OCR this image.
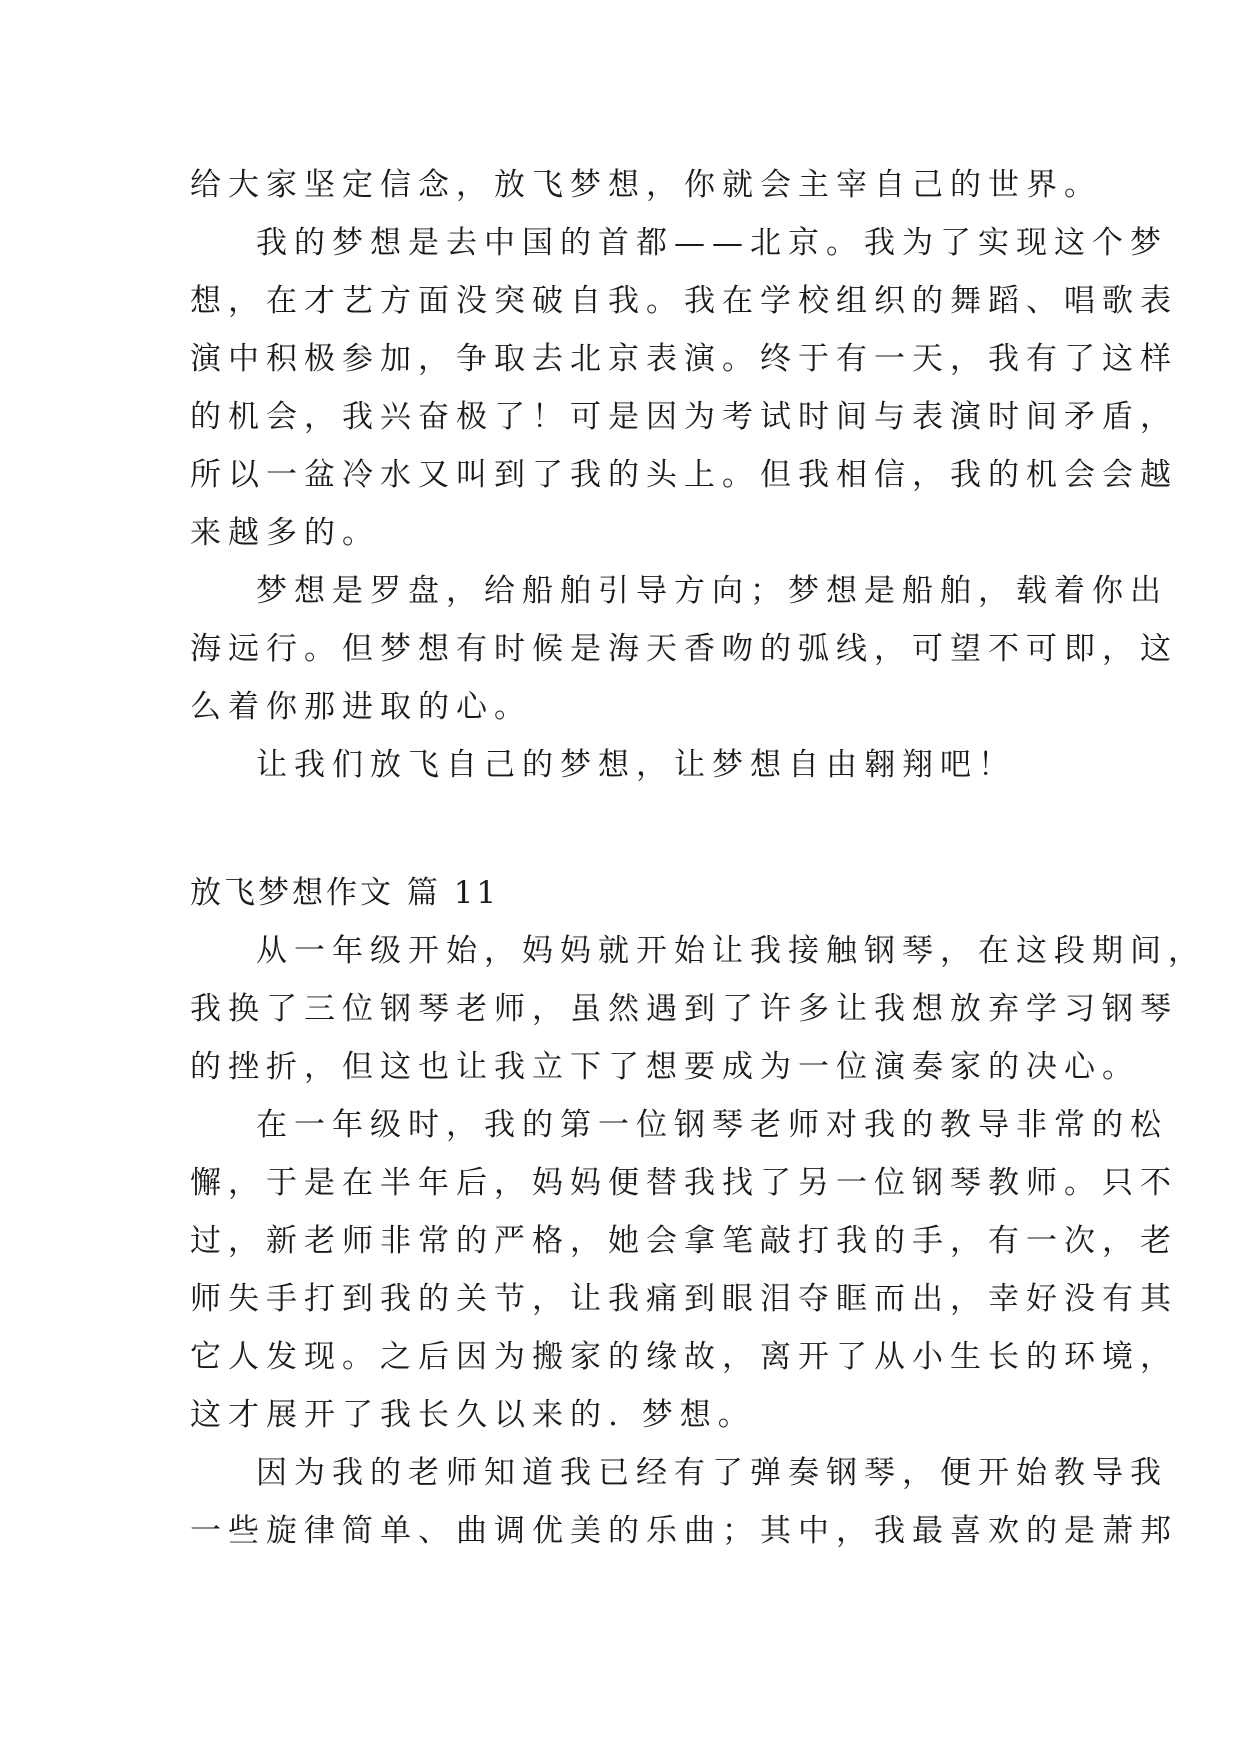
给大家坚定信念，放飞梦想，你就会主宰自己的世界。
我的梦想是去中国的首都——北京。我为了实现这个梦
想，在才艺方面没突破自我。我在学校组织的舞蹈、唱歌表
演中积极参加，争取去北京表演。终于有一天，我有了这样
的机会，我兴奋极了！可是因为考试时间与表演时间矛盾，
所以一盆冷水又叫到了我的头上。但我相信，我的机会会越
来越多的。
梦想是罗盘，给船舶引导方向；梦想是船舶，载着你出
海远行。但梦想有时候是海天香吻的弧线，可望不可即，这
么着你那进取的心。
让我们放飞自己的梦想，让梦想自由翱翔吧！
放飞梦想作文 篇 11
从一年级开始，妈妈就开始让我接触钢琴，在这段期间，
我换了三位钢琴老师，虽然遇到了许多让我想放弃学习钢琴
的挫折，但这也让我立下了想要成为一位演奏家的决心。
在一年级时，我的第一位钢琴老师对我的教导非常的松
懈，于是在半年后，妈妈便替我找了另一位钢琴教师。只不
过，新老师非常的严格，她会拿笔敲打我的手，有一次，老
师失手打到我的关节，让我痛到眼泪夺眶而出，幸好没有其
它人发现。之后因为搬家的缘故，离开了从小生长的环境，
这才展开了我长久以来的. 梦想。
因为我的老师知道我已经有了弹奏钢琴，便开始教导我
一些旋律简单、曲调优美的乐曲；其中，我最喜欢的是萧邦
